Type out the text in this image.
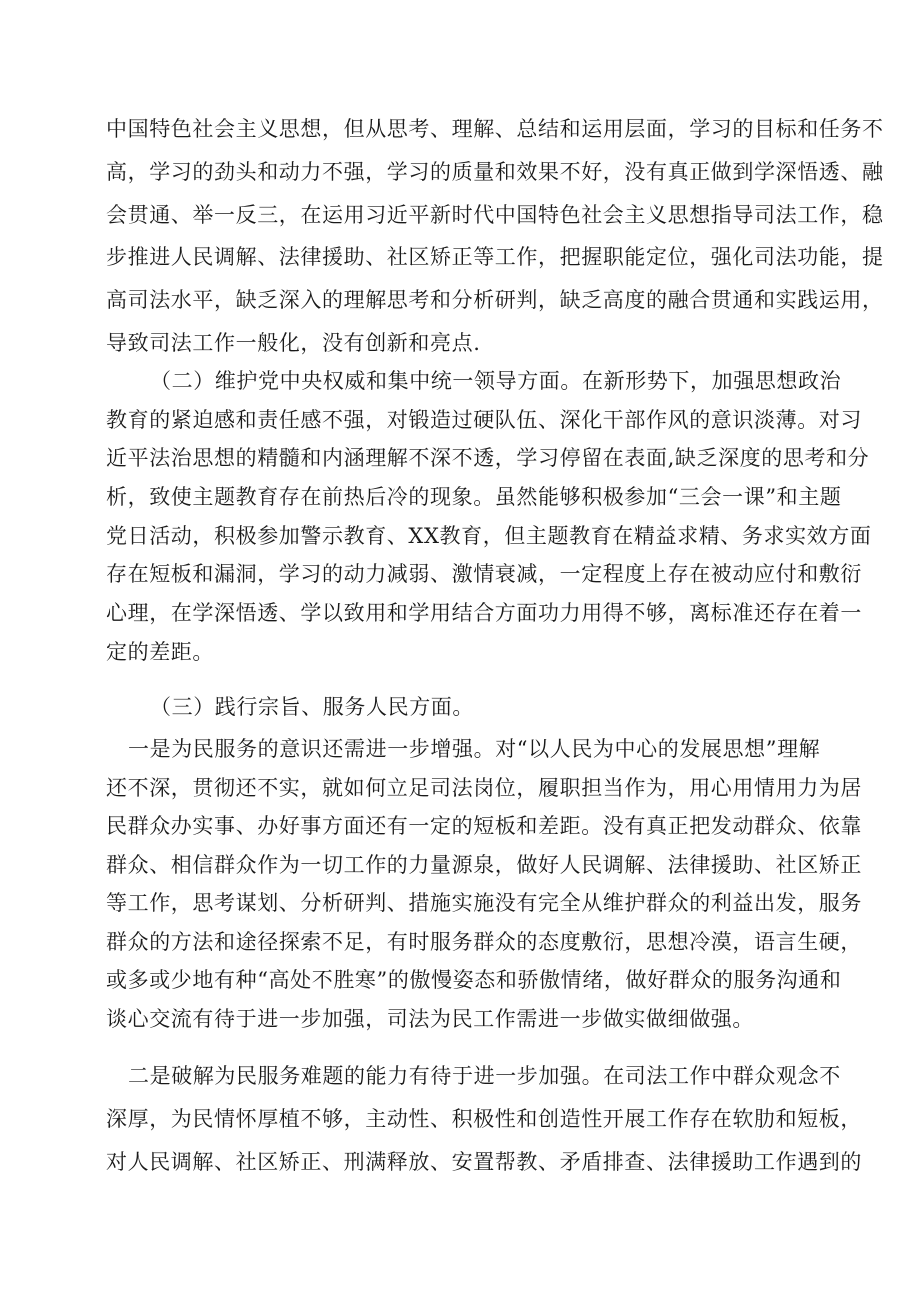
中国特色社会主义思想，但从思考、理解、总结和运用层面，学习的目标和任务不
高，学习的劲头和动力不强，学习的质量和效果不好，没有真正做到学深悟透、融
会贯通、举一反三，在运用习近平新时代中国特色社会主义思想指导司法工作，稳
步推进人民调解、法律援助、社区矫正等工作，把握职能定位，强化司法功能，提
高司法水平，缺乏深入的理解思考和分析研判，缺乏高度的融合贯通和实践运用，
导致司法工作一般化，没有创新和亮点.
（二）维护党中央权威和集中统一领导方面。在新形势下，加强思想政治
教育的紧迫感和责任感不强，对锻造过硬队伍、深化干部作风的意识淡薄。对习
近平法治思想的精髓和内涵理解不深不透，学习停留在表面,缺乏深度的思考和分
析，致使主题教育存在前热后冷的现象。虽然能够积极参加“三会一课”和主题
党日活动，积极参加警示教育、XX教育，但主题教育在精益求精、务求实效方面
存在短板和漏洞，学习的动力减弱、激情衰减，一定程度上存在被动应付和敷衍
心理，在学深悟透、学以致用和学用结合方面功力用得不够，离标准还存在着一
定的差距。
（三）践行宗旨、服务人民方面。
一是为民服务的意识还需进一步增强。对“以人民为中心的发展思想”理解
还不深，贯彻还不实，就如何立足司法岗位，履职担当作为，用心用情用力为居
民群众办实事、办好事方面还有一定的短板和差距。没有真正把发动群众、依靠
群众、相信群众作为一切工作的力量源泉，做好人民调解、法律援助、社区矫正
等工作，思考谋划、分析研判、措施实施没有完全从维护群众的利益出发，服务
群众的方法和途径探索不足，有时服务群众的态度敷衍，思想冷漠，语言生硬，
或多或少地有种“高处不胜寒”的傲慢姿态和骄傲情绪，做好群众的服务沟通和
谈心交流有待于进一步加强，司法为民工作需进一步做实做细做强。
二是破解为民服务难题的能力有待于进一步加强。在司法工作中群众观念不
深厚，为民情怀厚植不够，主动性、积极性和创造性开展工作存在软肋和短板，
对人民调解、社区矫正、刑满释放、安置帮教、矛盾排查、法律援助工作遇到的
